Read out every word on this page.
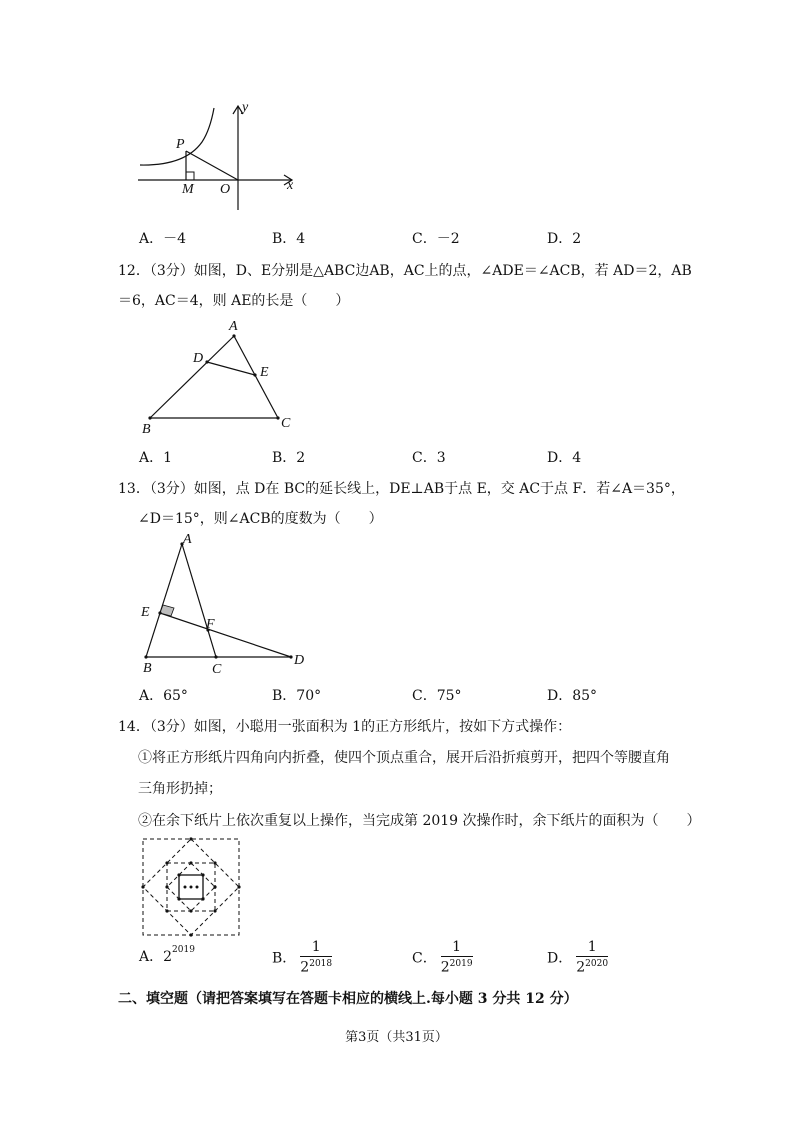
y
x
P
M O
A．－4	B．4	C．－2	D．2
12．（3分）如图，D、E分别是△ABC边AB，AC上的点，∠ADE＝∠ACB，若 AD＝2，AB
＝6，AC＝4，则 AE的长是（　　）
A
D
E
B	C
A．1	B．2	C．3	D．4
13．（3分）如图，点 D在 BC的延长线上，DE⊥AB于点 E，交 AC于点 F．若∠A＝35°，
∠D＝15°，则∠ACB的度数为（　　）
A
E
F
B	C
D
A．65°	B．70°	C．75°	D．85°
14．（3分）如图，小聪用一张面积为 1的正方形纸片，按如下方式操作：
①将正方形纸片四角向内折叠，使四个顶点重合，展开后沿折痕剪开，把四个等腰直角
三角形扔掉；
②在余下纸片上依次重复以上操作，当完成第 2019 次操作时，余下纸片的面积为（　　）
A．$2^{2019}$	B． $\frac{1}{2^{2018}}$	C． $\frac{1}{2^{2019}}$	D． $\frac{1}{2^{2020}}$
二、填空题（请把答案填写在答题卡相应的横线上.每小题 3 分共 12 分）
第3页（共31页）
